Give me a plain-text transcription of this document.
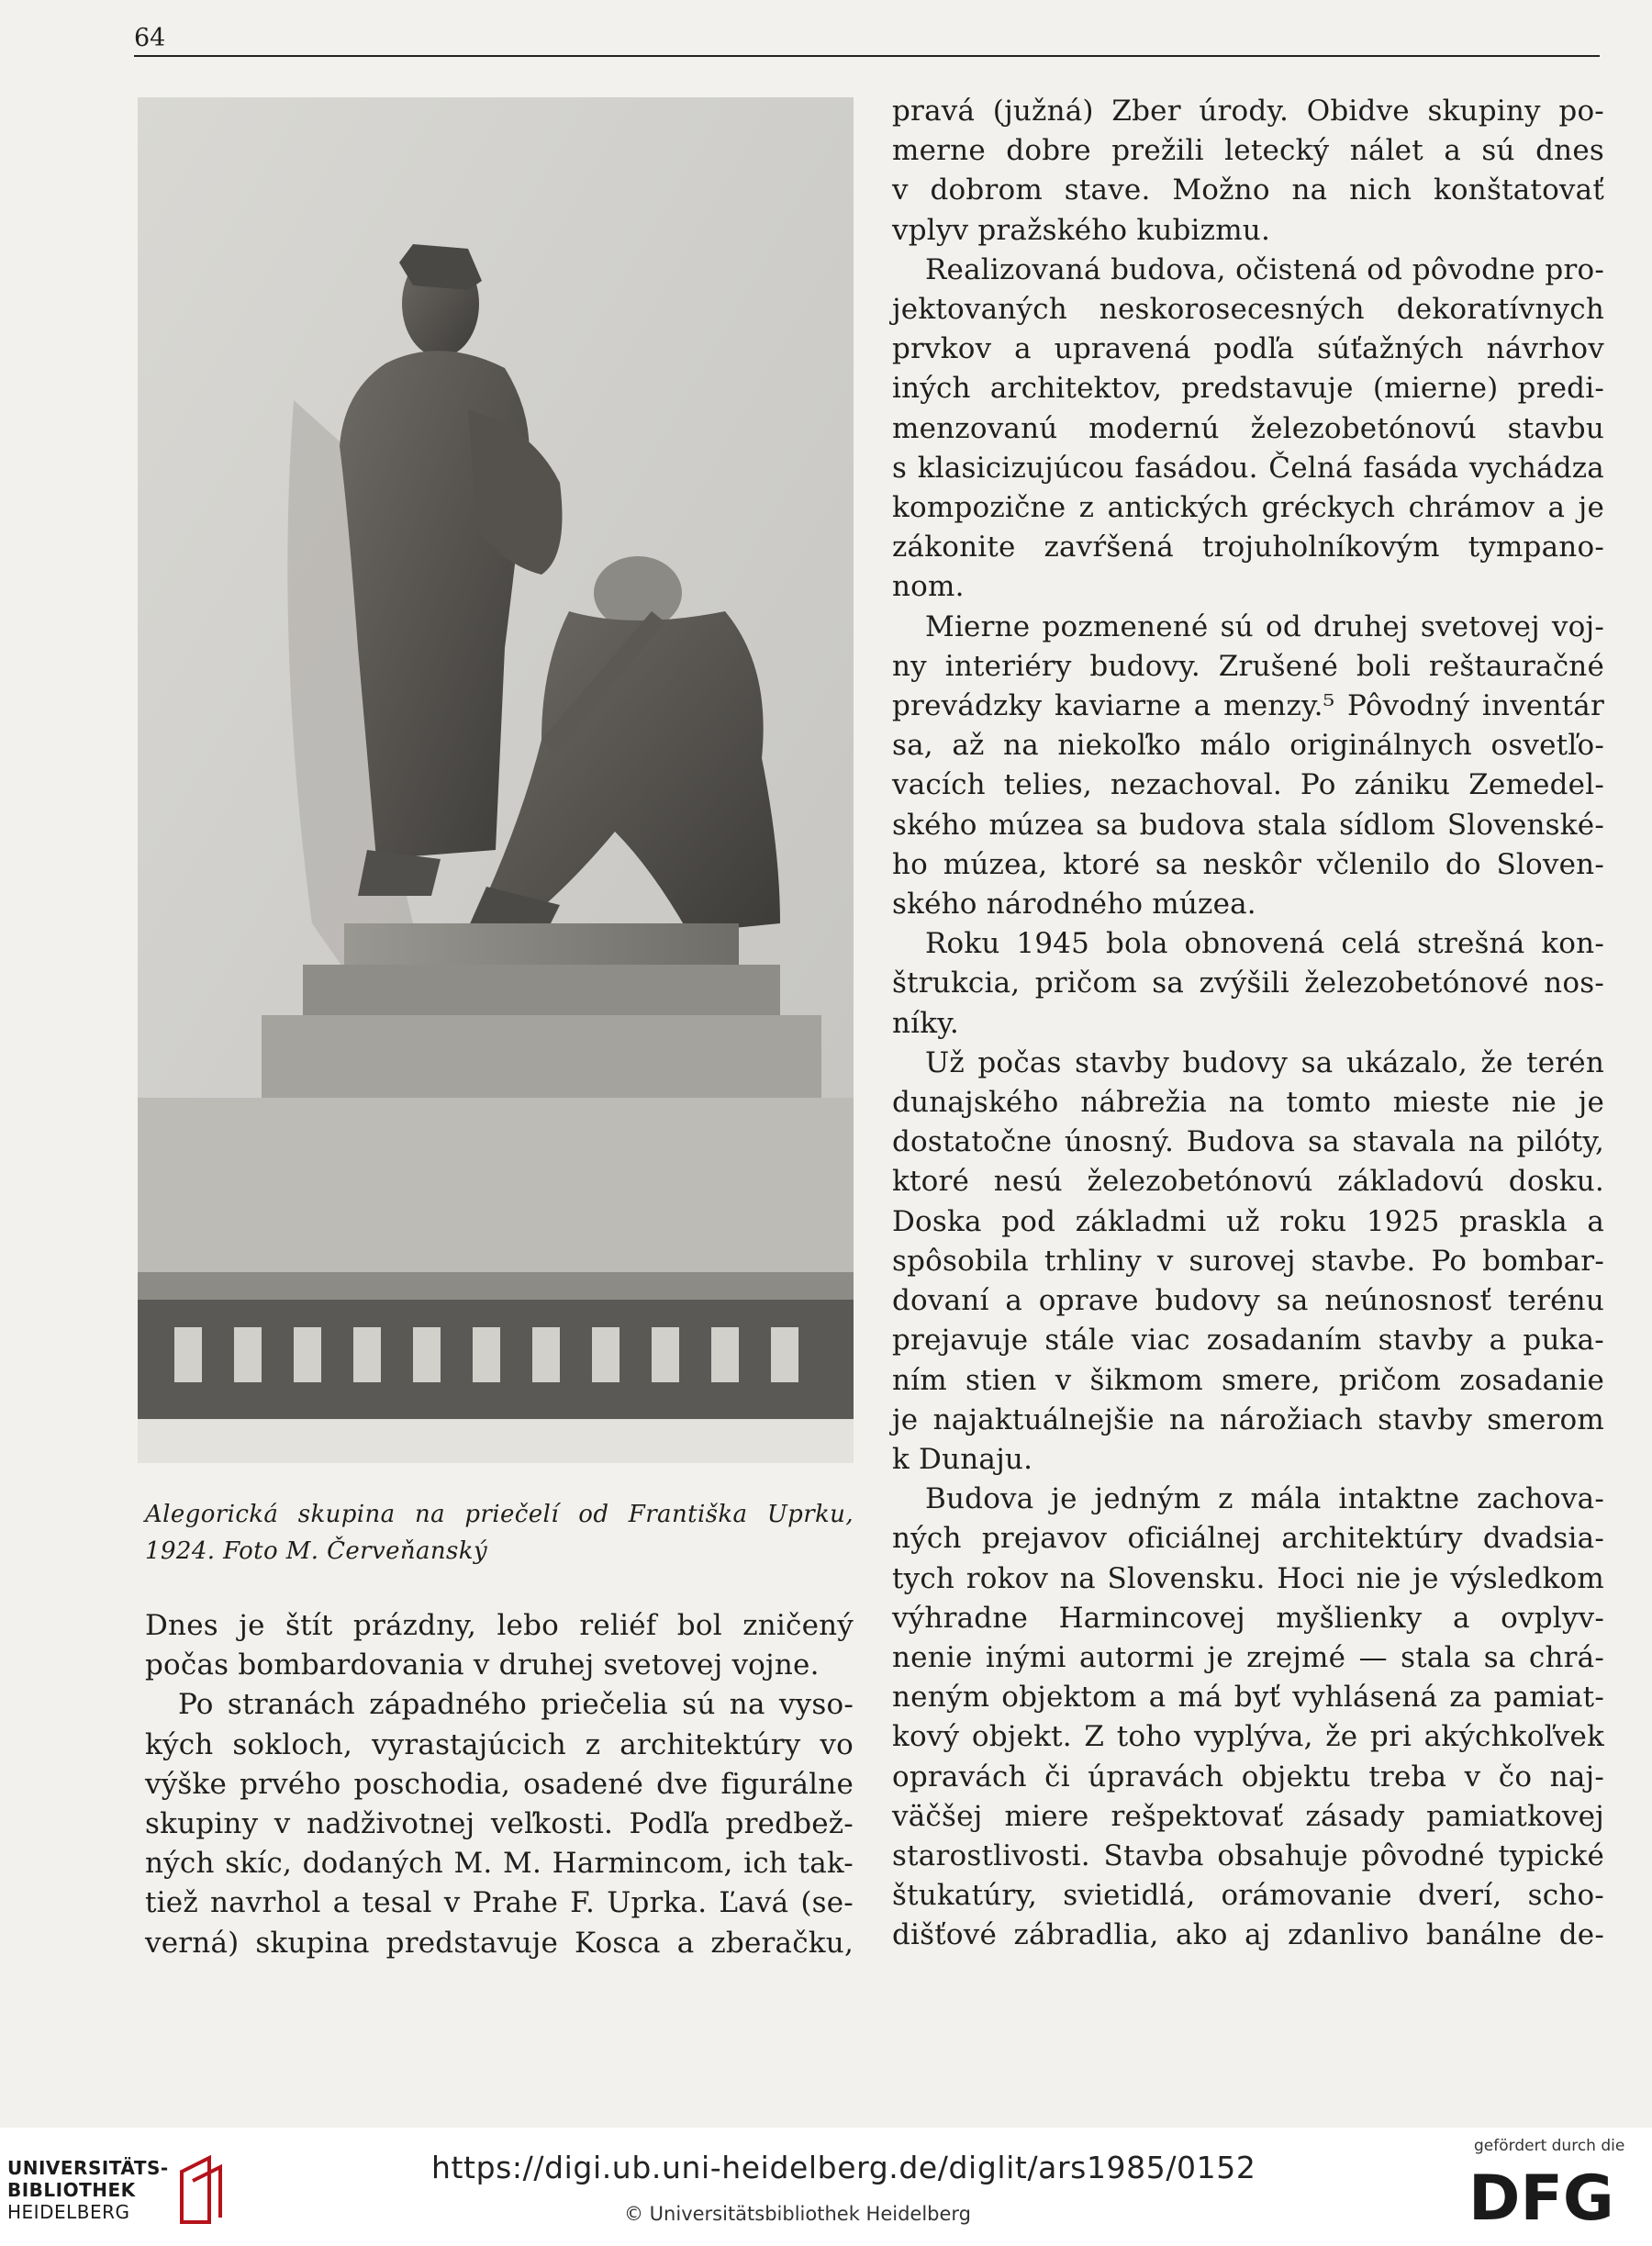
64
Alegorická skupina na priečelí od Františka Uprku,
1924. Foto M. Červeňanský
Dnes je štít prázdny, lebo reliéf bol zničený
počas bombardovania v druhej svetovej vojne.
Po stranách západného priečelia sú na vyso-
kých sokloch, vyrastajúcich z architektúry vo
výške prvého poschodia, osadené dve figurálne
skupiny v nadživotnej veľkosti. Podľa predbež-
ných skíc, dodaných M. M. Harmincom, ich tak-
tiež navrhol a tesal v Prahe F. Uprka. Ľavá (se-
verná) skupina predstavuje Kosca a zberačku,
pravá (južná) Zber úrody. Obidve skupiny po-
merne dobre prežili letecký nálet a sú dnes
v dobrom stave. Možno na nich konštatovať
vplyv pražského kubizmu.
Realizovaná budova, očistená od pôvodne pro-
jektovaných neskorosecesných dekoratívnych
prvkov a upravená podľa súťažných návrhov
iných architektov, predstavuje (mierne) predi-
menzovanú modernú železobetónovú stavbu
s klasicizujúcou fasádou. Čelná fasáda vychádza
kompozične z antických gréckych chrámov a je
zákonite zavŕšená trojuholníkovým tympano-
nom.
Mierne pozmenené sú od druhej svetovej voj-
ny interiéry budovy. Zrušené boli reštauračné
prevádzky kaviarne a menzy.⁵ Pôvodný inventár
sa, až na niekoľko málo originálnych osvetľo-
vacích telies, nezachoval. Po zániku Zemedel-
ského múzea sa budova stala sídlom Slovenské-
ho múzea, ktoré sa neskôr včlenilo do Sloven-
ského národného múzea.
Roku 1945 bola obnovená celá strešná kon-
štrukcia, pričom sa zvýšili železobetónové nos-
níky.
Už počas stavby budovy sa ukázalo, že terén
dunajského nábrežia na tomto mieste nie je
dostatočne únosný. Budova sa stavala na pilóty,
ktoré nesú železobetónovú základovú dosku.
Doska pod základmi už roku 1925 praskla a
spôsobila trhliny v surovej stavbe. Po bombar-
dovaní a oprave budovy sa neúnosnosť terénu
prejavuje stále viac zosadaním stavby a pukа-
ním stien v šikmom smere, pričom zosadanie
je najaktuálnejšie na nárožiach stavby smerom
k Dunaju.
Budova je jedným z mála intaktne zachova-
ných prejavov oficiálnej architektúry dvadsia-
tych rokov na Slovensku. Hoci nie je výsledkom
výhradne Harmincovej myšlienky a ovplyv-
nenie inými autormi je zrejmé — stala sa chrá-
neným objektom a má byť vyhlásená za pamiat-
kový objekt. Z toho vyplýva, že pri akýchkoľvek
opravách či úpravách objektu treba v čo naj-
väčšej miere rešpektovať zásady pamiatkovej
starostlivosti. Stavba obsahuje pôvodné typické
štukatúry, svietidlá, orámovanie dverí, scho-
dišťové zábradlia, ako aj zdanlivo banálne de-
UNIVERSITÄTS-
BIBLIOTHEK
HEIDELBERG
https://digi.ub.uni-heidelberg.de/diglit/ars1985/0152
© Universitätsbibliothek Heidelberg
gefördert durch die
DFG
